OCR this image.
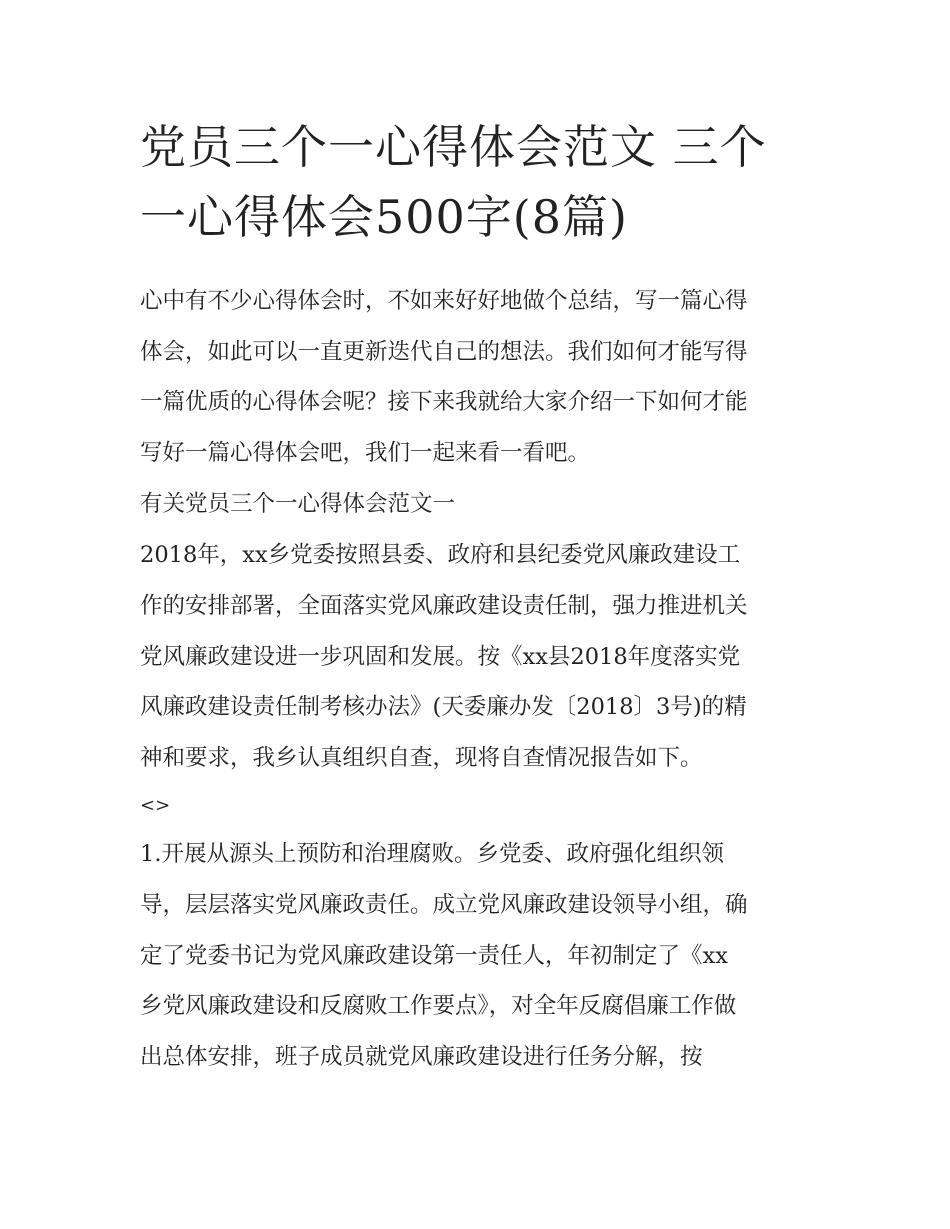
党员三个一心得体会范文 三个
一心得体会500字(8篇)

心中有不少心得体会时，不如来好好地做个总结，写一篇心得
体会，如此可以一直更新迭代自己的想法。我们如何才能写得
一篇优质的心得体会呢？接下来我就给大家介绍一下如何才能
写好一篇心得体会吧，我们一起来看一看吧。

有关党员三个一心得体会范文一

2018年，xx乡党委按照县委、政府和县纪委党风廉政建设工
作的安排部署，全面落实党风廉政建设责任制，强力推进机关
党风廉政建设进一步巩固和发展。按《xx县2018年度落实党
风廉政建设责任制考核办法》(天委廉办发〔2018〕3号)的精
神和要求，我乡认真组织自查，现将自查情况报告如下。

<>

1.开展从源头上预防和治理腐败。乡党委、政府强化组织领
导，层层落实党风廉政责任。成立党风廉政建设领导小组，确
定了党委书记为党风廉政建设第一责任人，年初制定了《xx
乡党风廉政建设和反腐败工作要点》，对全年反腐倡廉工作做
出总体安排，班子成员就党风廉政建设进行任务分解，按
